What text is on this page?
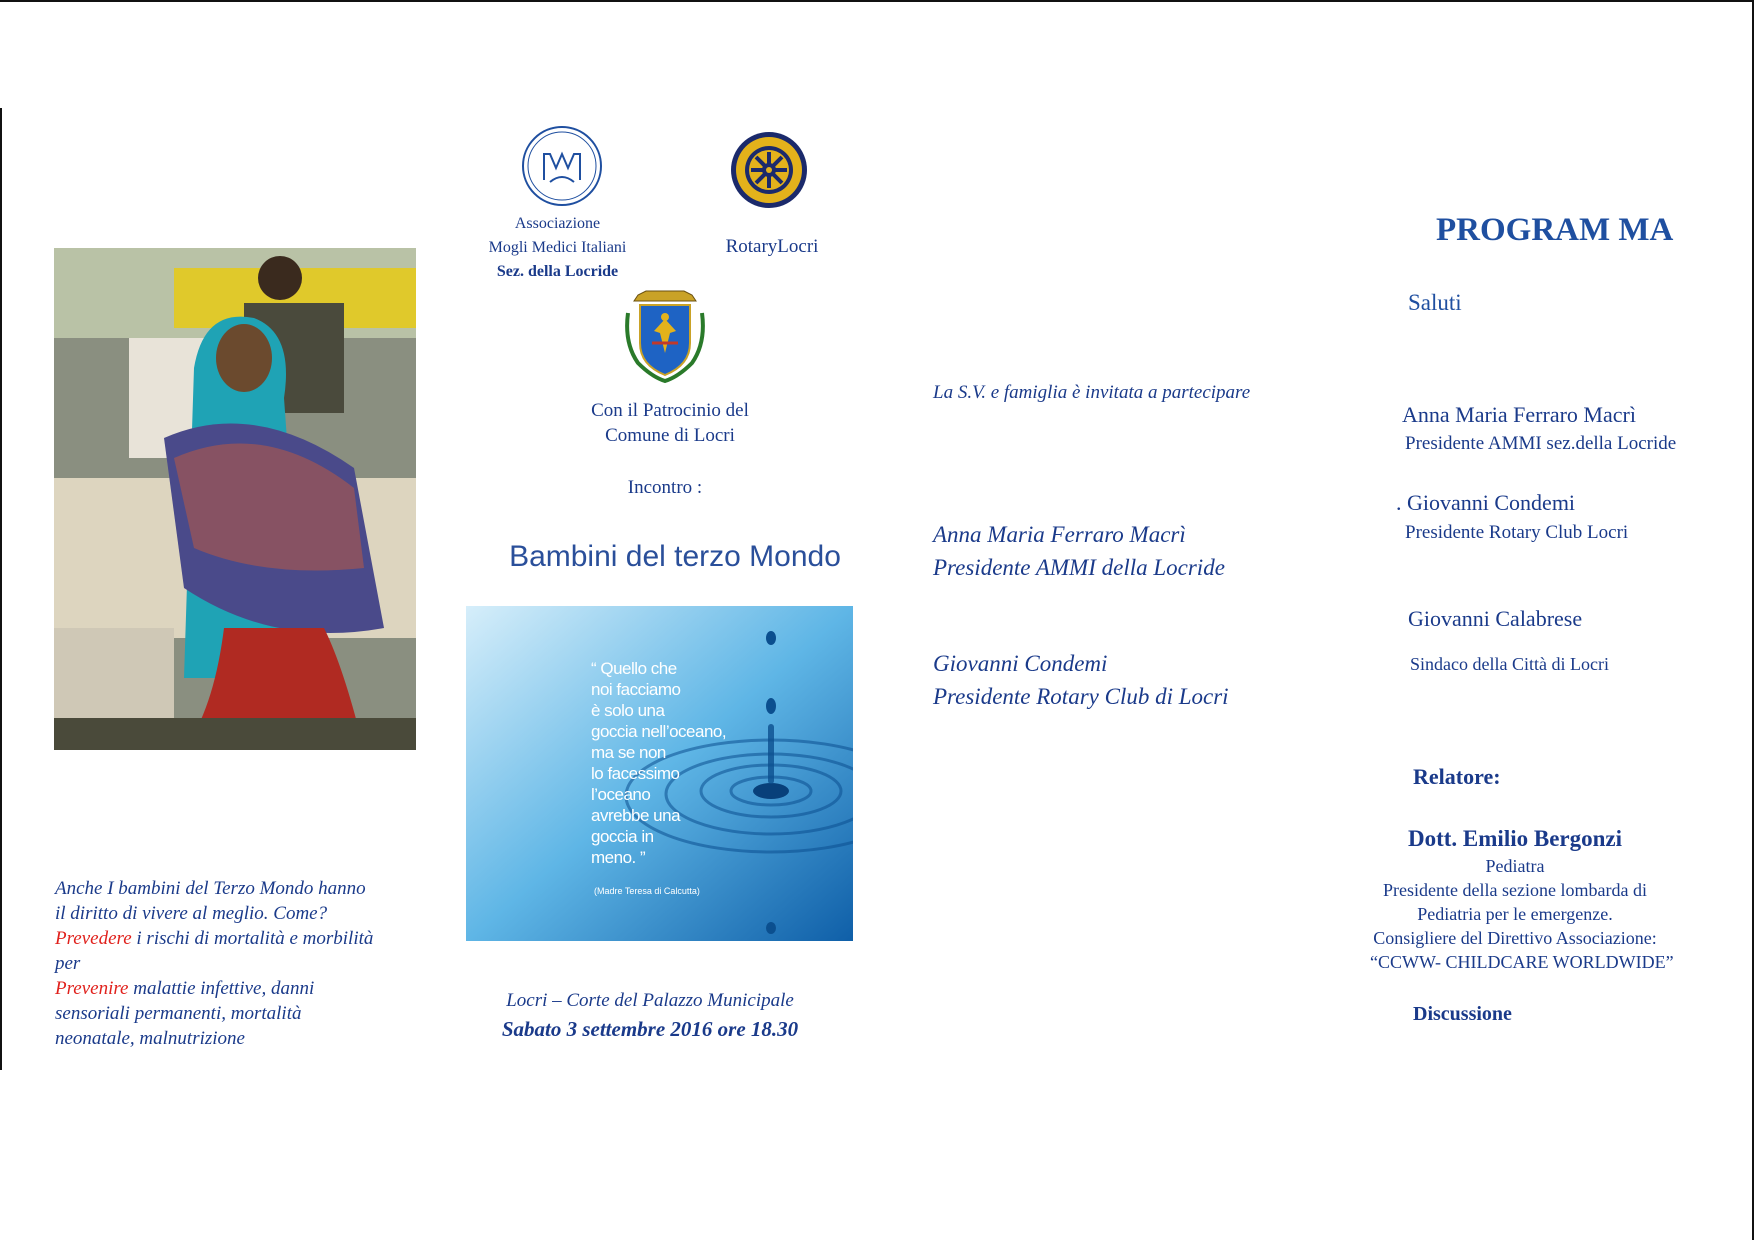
Anche I bambini del Terzo Mondo hanno

il diritto di vivere al meglio. Come?

Prevedere i rischi di mortalità e morbilità

per

Prevenire malattie infettive, danni

sensoriali permanenti, mortalità

neonatale, malnutrizione

Associazione
Mogli Medici Italiani
Sez. della Locride
RotaryLocri
Con il Patrocinio del
Comune di Locri
Incontro :
Bambini del terzo Mondo
“ Quello che
noi facciamo
è solo una
goccia nell’oceano,
ma se non
lo facessimo
l’oceano
avrebbe una
goccia in
meno. ”
(Madre Teresa di Calcutta)
Locri – Corte del Palazzo Municipale
Sabato 3 settembre 2016 ore 18.30
La S.V. e famiglia è invitata a partecipare
Anna Maria Ferraro Macrì
Presidente AMMI della Locride
Giovanni Condemi
Presidente Rotary Club di Locri
PROGRAM MA
Saluti
Anna Maria Ferraro Macrì
Presidente AMMI sez.della Locride
. Giovanni Condemi
Presidente Rotary Club Locri
Giovanni Calabrese
Sindaco della Città di Locri
Relatore:
Dott. Emilio Bergonzi
Pediatra
Presidente della sezione lombarda di
Pediatria per le emergenze.
Consigliere del Direttivo Associazione:
“CCWW- CHILDCARE WORLDWIDE”
Discussione
